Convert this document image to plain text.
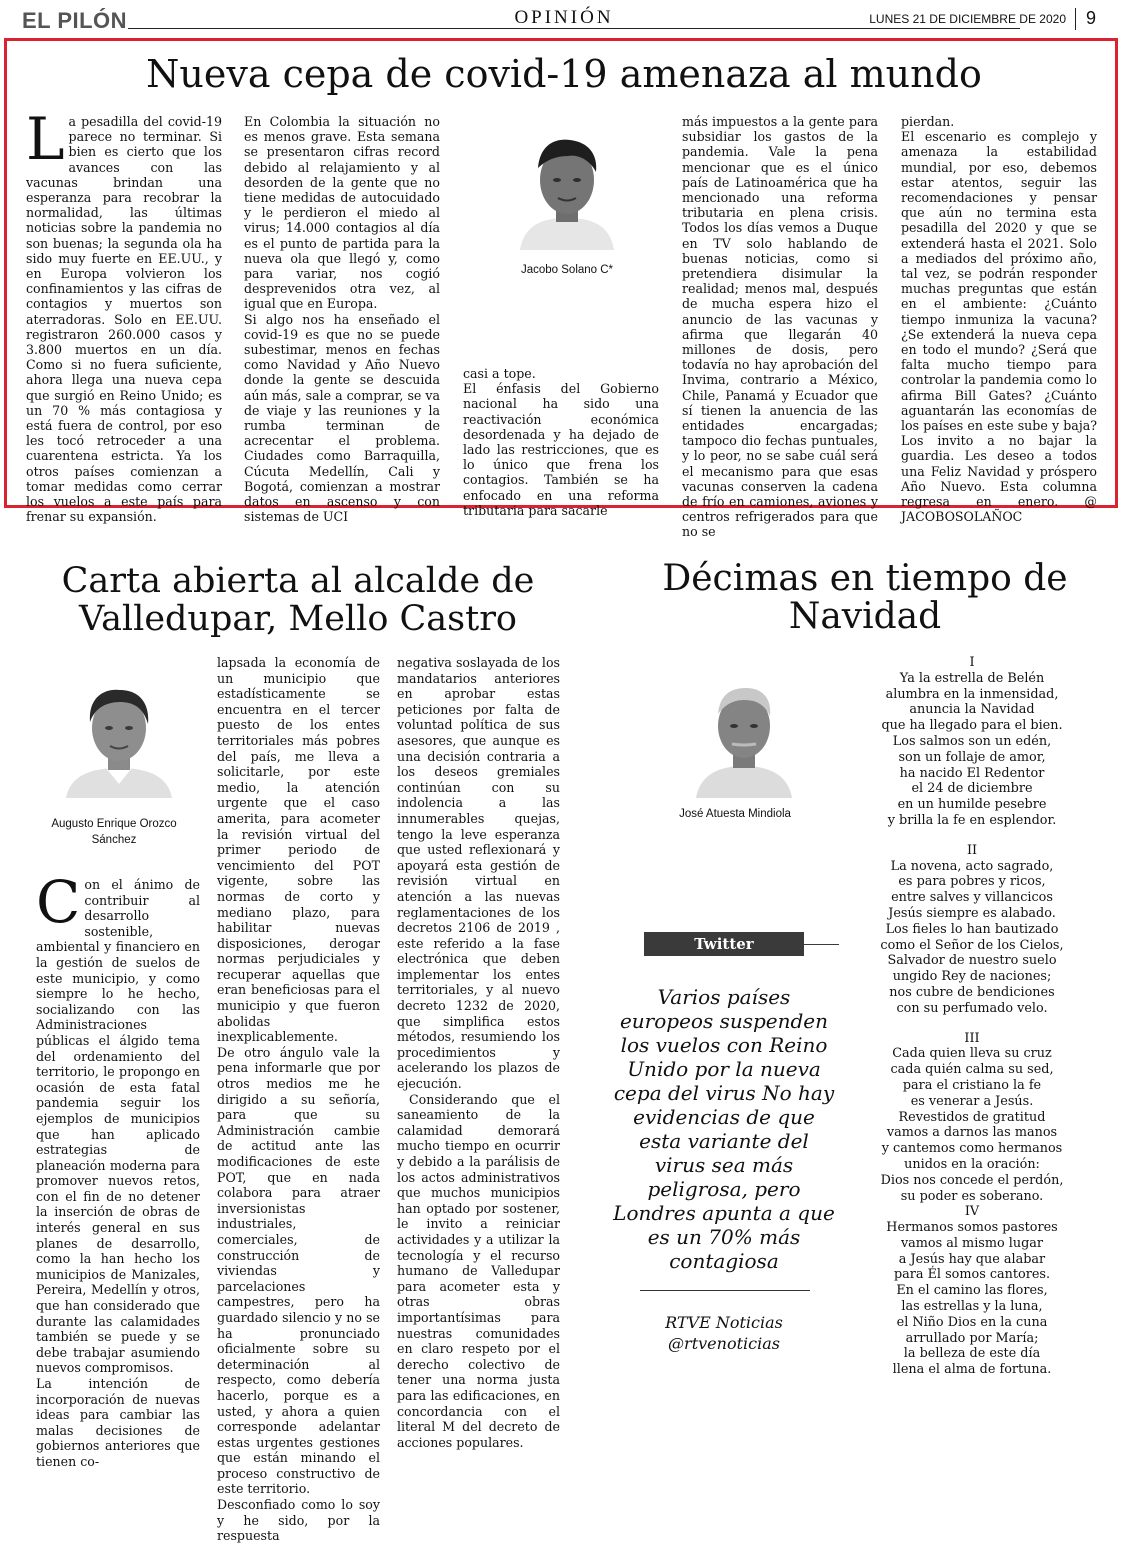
EL PILÓN	OPINIÓN	LUNES 21 DE DICIEMBRE DE 2020 9
Nueva cepa de covid-19 amenaza al mundo
L a pesadilla del covid-19 parece no terminar. Si bien es cierto que los avances con las vacunas brindan una esperanza para recobrar la normalidad, las últimas noticias sobre la pandemia no son buenas; la segunda ola ha sido muy fuerte en EE.UU., y en Europa volvieron los confinamientos y las cifras de contagios y muertos son aterradoras. Solo en EE.UU. registraron 260.000 casos y 3.800 muertos en un día. Como si no fuera suficiente, ahora llega una nueva cepa que surgió en Reino Unido; es un 70 % más contagiosa y está fuera de control, por eso les tocó retroceder a una cuarentena estricta. Ya los otros países comienzan a tomar medidas como cerrar los vuelos a este país para frenar su expansión.

En Colombia la situación no es menos grave. Esta semana se presentaron cifras record debido al relajamiento y al desorden de la gente que no tiene medidas de autocuidado y le perdieron el miedo al virus; 14.000 contagios al día es el punto de partida para la nueva ola que llegó y, como para variar, nos cogió desprevenidos otra vez, al igual que en Europa.

Si algo nos ha enseñado el covid-19 es que no se puede subestimar, menos en fechas como Navidad y Año Nuevo donde la gente se descuida aún más, sale a comprar, se va de viaje y las reuniones y la rumba terminan de acrecentar el problema. Ciudades como Barraquilla, Cúcuta Medellín, Cali y Bogotá, comienzan a mostrar datos en ascenso y con sistemas de UCI

Jacobo Solano C*

casi a tope.

El énfasis del Gobierno nacional ha sido una reactivación económica desordenada y ha dejado de lado las restricciones, que es lo único que frena los contagios. También se ha enfocado en una reforma tributaria para sacarle

más impuestos a la gente para subsidiar los gastos de la pandemia. Vale la pena mencionar que es el único país de Latinoamérica que ha mencionado una reforma tributaria en plena crisis. Todos los días vemos a Duque en TV solo hablando de buenas noticias, como si pretendiera disimular la realidad; menos mal, después de mucha espera hizo el anuncio de las vacunas y afirma que llegarán 40 millones de dosis, pero todavía no hay aprobación del Invima, contrario a México, Chile, Panamá y Ecuador que sí tienen la anuencia de las entidades encargadas; tampoco dio fechas puntuales, y lo peor, no se sabe cuál será el mecanismo para que esas vacunas conserven la cadena de frío en camiones, aviones y centros refrigerados para que no se

pierdan.

El escenario es complejo y amenaza la estabilidad mundial, por eso, debemos estar atentos, seguir las recomendaciones y pensar que aún no termina esta pesadilla del 2020 y que se extenderá hasta el 2021. Solo a mediados del próximo año, tal vez, se podrán responder muchas preguntas que están en el ambiente: ¿Cuánto tiempo inmuniza la vacuna? ¿Se extenderá la nueva cepa en todo el mundo? ¿Será que falta mucho tiempo para controlar la pandemia como lo afirma Bill Gates? ¿Cuánto aguantarán las economías de los países en este sube y baja? Los invito a no bajar la guardia. Les deseo a todos una Feliz Navidad y próspero Año Nuevo. Esta columna regresa en enero. @ JACOBOSOLAÑOC

Carta abierta al alcalde de Valledupar, Mello Castro
Augusto Enrique Orozco Sánchez
C on el ánimo de contribuir al desarrollo sostenible, ambiental y financiero en la gestión de suelos de este municipio, y como siempre lo he hecho, socializando con las Administraciones públicas el álgido tema del ordenamiento del territorio, le propongo en ocasión de esta fatal pandemia seguir los ejemplos de municipios que han aplicado estrategias de planeación moderna para promover nuevos retos, con el fin de no detener la inserción de obras de interés general en sus planes de desarrollo, como la han hecho los municipios de Manizales, Pereira, Medellín y otros, que han considerado que durante las calamidades también se puede y se debe trabajar asumiendo nuevos compromisos.

La intención de incorporación de nuevas ideas para cambiar las malas decisiones de gobiernos anteriores que tienen co-

lapsada la economía de un municipio que estadísticamente se encuentra en el tercer puesto de los entes territoriales más pobres del país, me lleva a solicitarle, por este medio, la atención urgente que el caso amerita, para acometer la revisión virtual del primer periodo de vencimiento del POT vigente, sobre las normas de corto y mediano plazo, para habilitar nuevas disposiciones, derogar normas perjudiciales y recuperar aquellas que eran beneficiosas para el municipio y que fueron abolidas inexplicablemente.

De otro ángulo vale la pena informarle que por otros medios me he dirigido a su señoría, para que su Administración cambie de actitud ante las modificaciones de este POT, que en nada colabora para atraer inversionistas industriales, comerciales, de construcción de viviendas y parcelaciones campestres, pero ha guardado silencio y no se ha pronunciado oficialmente sobre su determinación al respecto, como debería hacerlo, porque es a usted, y ahora a quien corresponde adelantar estas urgentes gestiones que están minando el proceso constructivo de este territorio.

Desconfiado como lo soy y he sido, por la respuesta

negativa soslayada de los mandatarios anteriores en aprobar estas peticiones por falta de voluntad política de sus asesores, que aunque es una decisión contraria a los deseos gremiales continúan con su indolencia a las innumerables quejas, tengo la leve esperanza que usted reflexionará y apoyará esta gestión de revisión virtual en atención a las nuevas reglamentaciones de los decretos 2106 de 2019 , este referido a la fase electrónica que deben implementar los entes territoriales, y al nuevo decreto 1232 de 2020, que simplifica estos métodos, resumiendo los procedimientos y acelerando los plazos de ejecución.

Considerando que el saneamiento de la calamidad demorará mucho tiempo en ocurrir y debido a la parálisis de los actos administrativos que muchos municipios han optado por sostener, le invito a reiniciar actividades y a utilizar la tecnología y el recurso humano de Valledupar para acometer esta y otras obras importantísimas para nuestras comunidades en claro respeto por el derecho colectivo de tener una norma justa para las edificaciones, en concordancia con el literal M del decreto de acciones populares.

Décimas en tiempo de Navidad
José Atuesta Mindiola
Twitter
Varios países europeos suspenden los vuelos con Reino Unido por la nueva cepa del virus No hay evidencias de que esta variante del virus sea más peligrosa, pero Londres apunta a que es un 70% más contagiosa
RTVE Noticias
@rtvenoticias

I

Ya la estrella de Belén

alumbra en la inmensidad,

anuncia la Navidad

que ha llegado para el bien.

Los salmos son un edén,

son un follaje de amor,

ha nacido El Redentor

el 24 de diciembre

en un humilde pesebre

y brilla la fe en esplendor.

II

La novena, acto sagrado,

es para pobres y ricos,

entre salves y villancicos

Jesús siempre es alabado.

Los fieles lo han bautizado

como el Señor de los Cielos,

Salvador de nuestro suelo

ungido Rey de naciones;

nos cubre de bendiciones

con su perfumado velo.

III

Cada quien lleva su cruz

cada quién calma su sed,

para el cristiano la fe

es venerar a Jesús.

Revestidos de gratitud

vamos a darnos las manos

y cantemos como hermanos

unidos en la oración:

Dios nos concede el perdón,

su poder es soberano.

IV

Hermanos somos pastores

vamos al mismo lugar

a Jesús hay que alabar

para Él somos cantores.

En el camino las flores,

las estrellas y la luna,

el Niño Dios en la cuna

arrullado por María;

la belleza de este día

llena el alma de fortuna.
